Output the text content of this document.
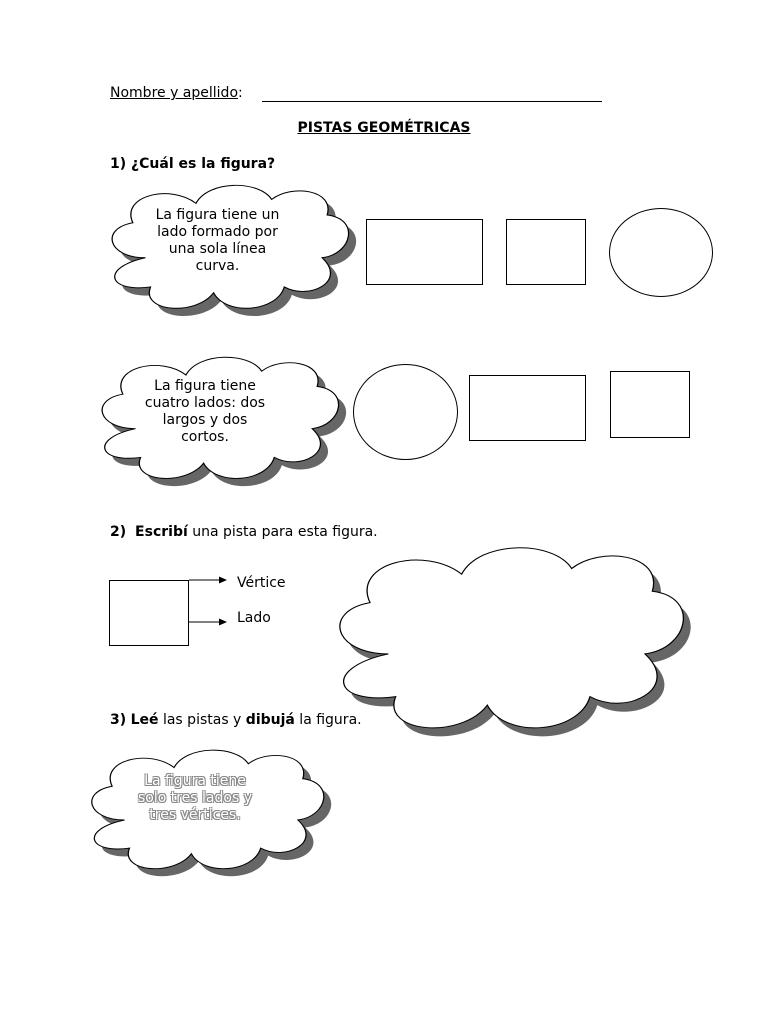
Nombre y apellido:
PISTAS GEOMÉTRICAS
1) ¿Cuál es la figura?
La figura tiene un
lado formado por
una sola línea
curva.
La figura tiene
cuatro lados: dos
largos y dos
cortos.
2) Escribí una pista para esta figura.
Vértice
Lado
3) Leé las pistas y dibujá la figura.
La figura tiene
solo tres lados y
tres vértices.
